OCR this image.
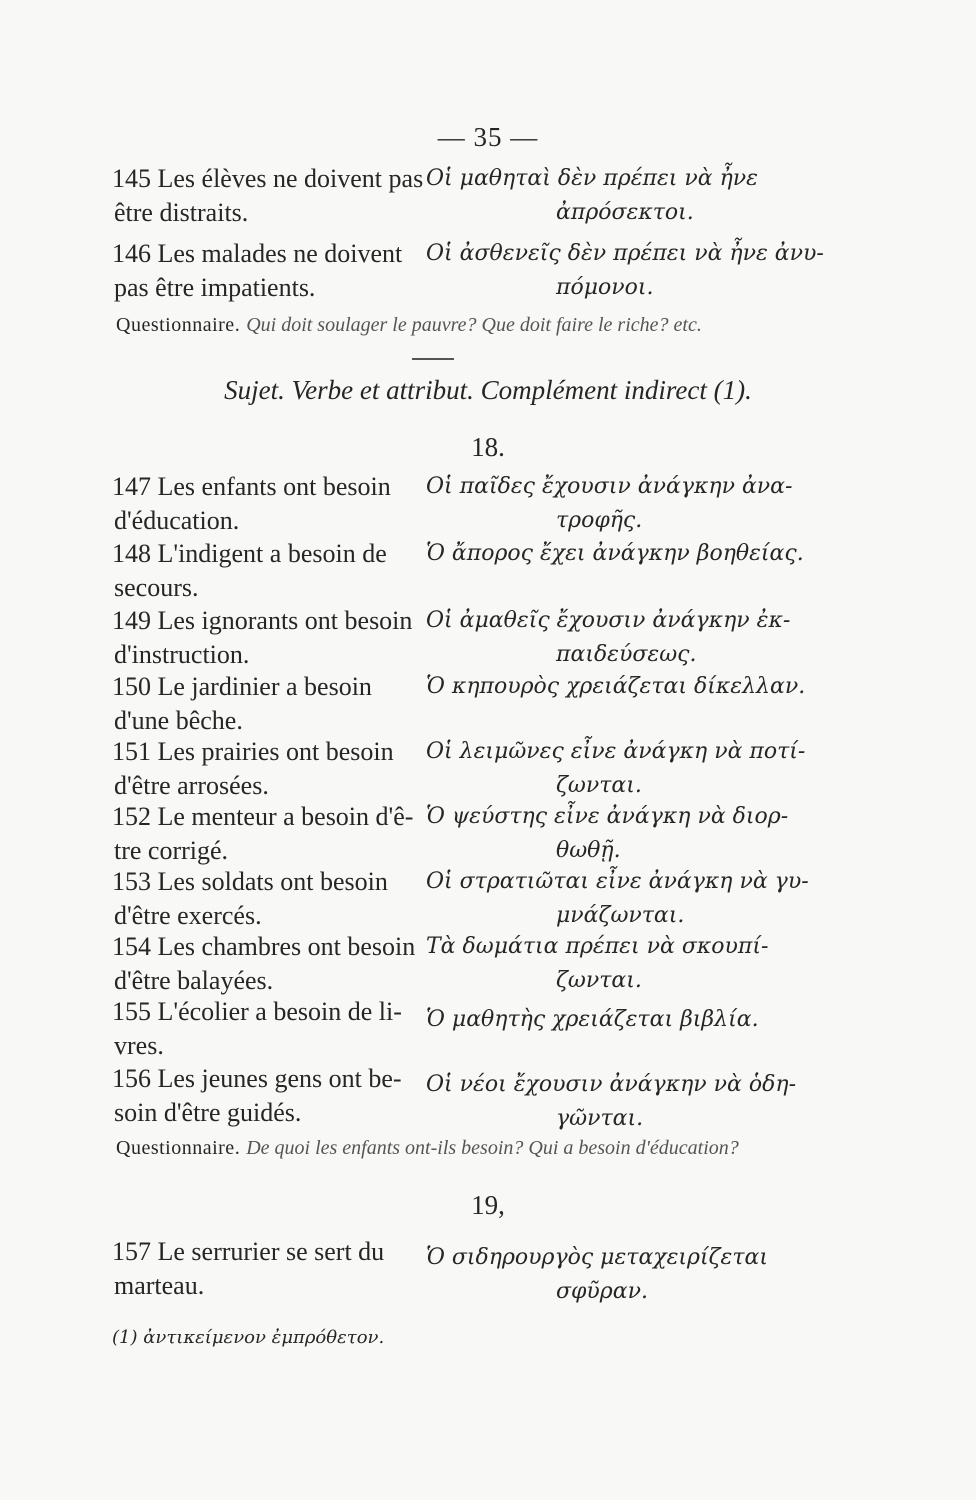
— 35 —
145 Les élèves ne doivent pas
être distraits.
Οἱ μαθηταὶ δὲν πρέπει νὰ ἦνε
ἀπρόσεκτοι.
146 Les malades ne doivent
pas être impatients.
Οἱ ἀσθενεῖς δὲν πρέπει νὰ ἦνε ἀνυ-
πόμονοι.
Questionnaire. Qui doit soulager le pauvre? Que doit faire le riche? etc.
Sujet. Verbe et attribut. Complément indirect (1).
18.
147 Les enfants ont besoin
d'éducation.
Οἱ παῖδες ἔχουσιν ἀνάγκην ἀνα-
τροφῆς.
148 L'indigent a besoin de
secours.
Ὁ ἄπορος ἔχει ἀνάγκην βοηθείας.
149 Les ignorants ont besoin
d'instruction.
Οἱ ἀμαθεῖς ἔχουσιν ἀνάγκην ἐκ-
παιδεύσεως.
150 Le jardinier a besoin
d'une bêche.
Ὁ κηπουρὸς χρειάζεται δίκελλαν.
151 Les prairies ont besoin
d'être arrosées.
Οἱ λειμῶνες εἶνε ἀνάγκη νὰ ποτί-
ζωνται.
152 Le menteur a besoin d'ê-
tre corrigé.
Ὁ ψεύστης εἶνε ἀνάγκη νὰ διορ-
θωθῇ.
153 Les soldats ont besoin
d'être exercés.
Οἱ στρατιῶται εἶνε ἀνάγκη νὰ γυ-
μνάζωνται.
154 Les chambres ont besoin
d'être balayées.
Τὰ δωμάτια πρέπει νὰ σκουπί-
ζωνται.
155 L'écolier a besoin de li-
vres.
Ὁ μαθητὴς χρειάζεται βιβλία.
156 Les jeunes gens ont be-
soin d'être guidés.
Οἱ νέοι ἔχουσιν ἀνάγκην νὰ ὁδη-
γῶνται.
Questionnaire. De quoi les enfants ont-ils besoin? Qui a besoin d'éducation?
19,
157 Le serrurier se sert du
marteau.
Ὁ σιδηρουργὸς μεταχειρίζεται
σφῦραν.
(1) ἀντικείμενον ἐμπρόθετον.
